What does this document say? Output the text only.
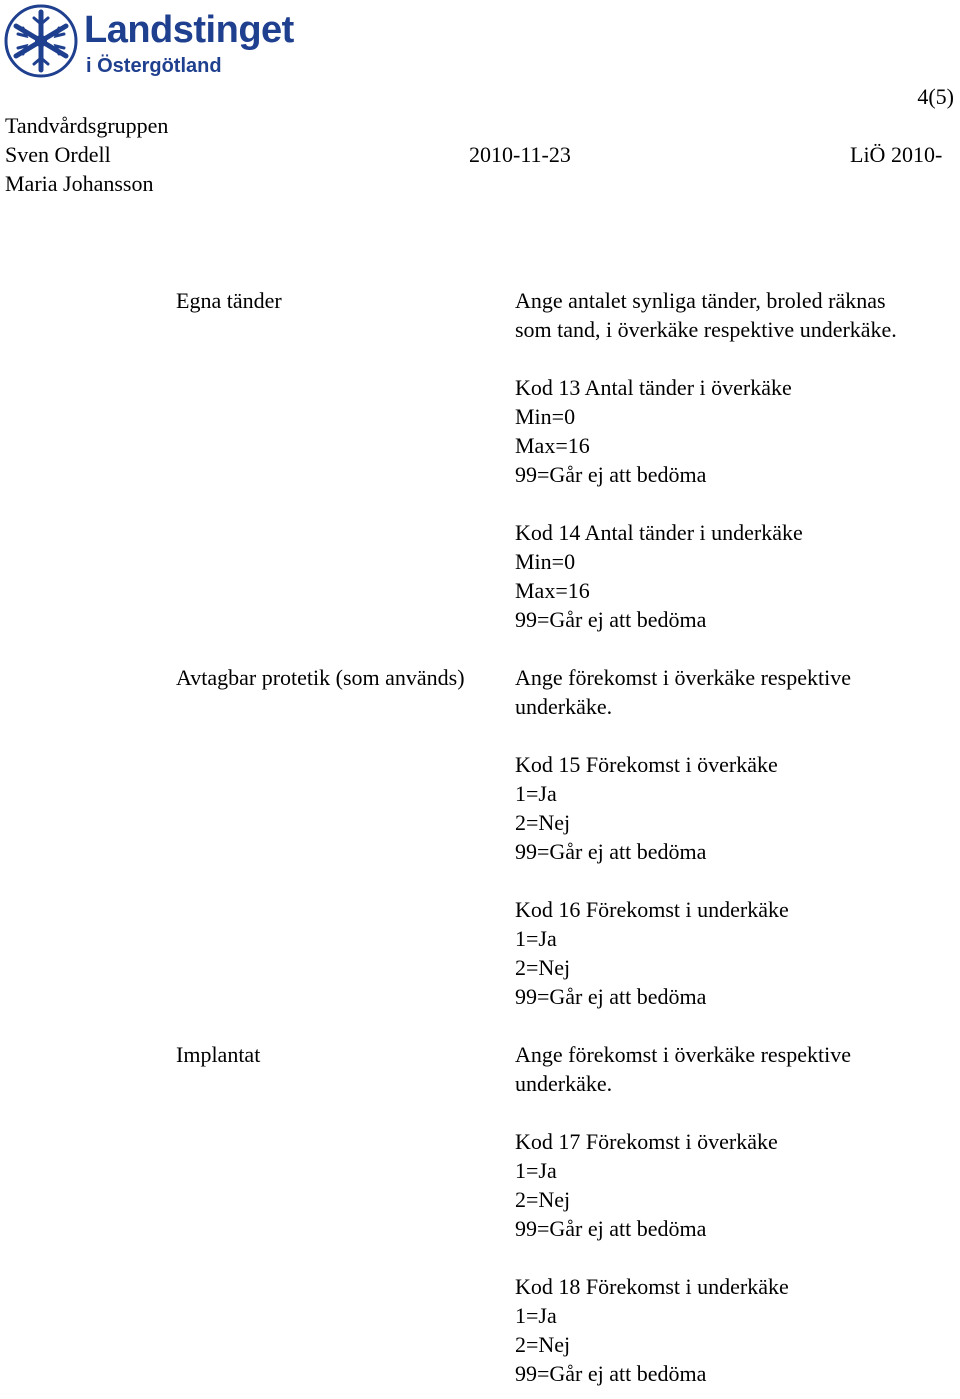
Landstinget
i Östergötland
4(5)
Tandvårdsgruppen
Sven Ordell	2010-11-23	LiÖ 2010-
Maria Johansson
Egna tänder	Ange antalet synliga tänder, broled räknas

som tand, i överkäke respektive underkäke.

Kod 13 Antal tänder i överkäke
Min=0
Max=16
99=Går ej att bedöma
Kod 14 Antal tänder i underkäke
Min=0
Max=16
99=Går ej att bedöma
Avtagbar protetik (som används) Ange förekomst i överkäke respektive

underkäke.

Kod 15 Förekomst i överkäke
1=Ja
2=Nej
99=Går ej att bedöma
Kod 16 Förekomst i underkäke
1=Ja
2=Nej
99=Går ej att bedöma
Implantat	Ange förekomst i överkäke respektive

underkäke.

Kod 17 Förekomst i överkäke
1=Ja
2=Nej
99=Går ej att bedöma
Kod 18 Förekomst i underkäke
1=Ja
2=Nej
99=Går ej att bedöma
